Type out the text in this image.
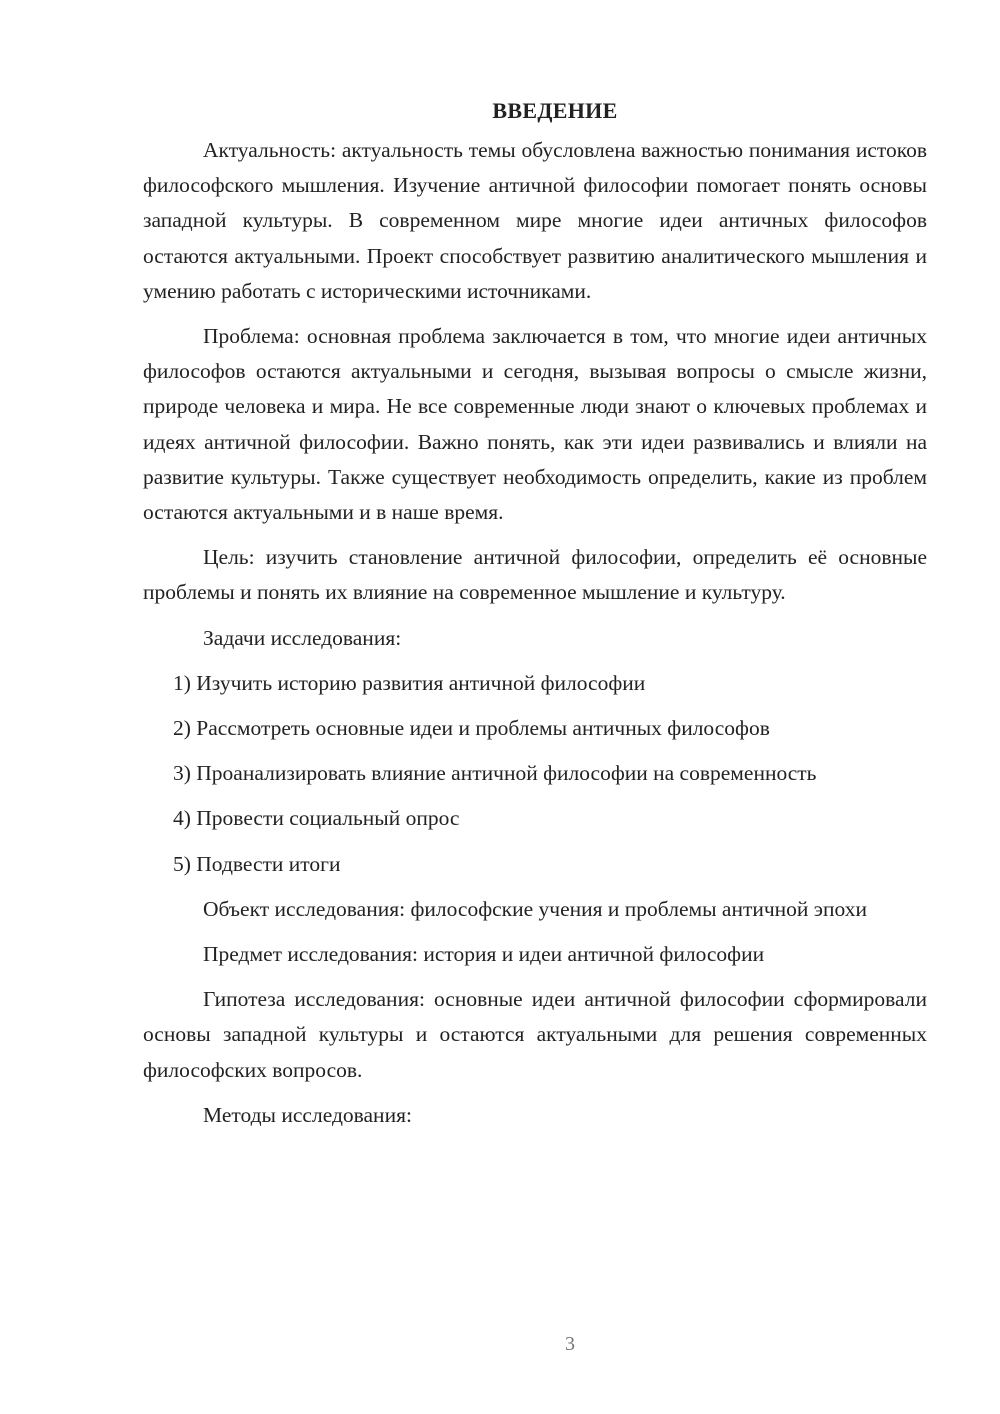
ВВЕДЕНИЕ

Актуальность: актуальность темы обусловлена важностью понимания истоков философского мышления. Изучение античной философии помогает понять основы западной культуры. В современном мире многие идеи античных философов остаются актуальными. Проект способствует развитию аналитического мышления и умению работать с историческими источниками.

Проблема: основная проблема заключается в том, что многие идеи античных философов остаются актуальными и сегодня, вызывая вопросы о смысле жизни, природе человека и мира. Не все современные люди знают о ключевых проблемах и идеях античной философии. Важно понять, как эти идеи развивались и влияли на развитие культуры. Также существует необходимость определить, какие из проблем остаются актуальными и в наше время.

Цель: изучить становление античной философии, определить её основные проблемы и понять их влияние на современное мышление и культуру.

Задачи исследования:

1) Изучить историю развития античной философии

2) Рассмотреть основные идеи и проблемы античных философов

3) Проанализировать влияние античной философии на современность

4) Провести социальный опрос

5) Подвести итоги

Объект исследования: философские учения и проблемы античной эпохи

Предмет исследования: история и идеи античной философии

Гипотеза исследования: основные идеи античной философии сформировали основы западной культуры и остаются актуальными для решения современных философских вопросов.

Методы исследования:

3
